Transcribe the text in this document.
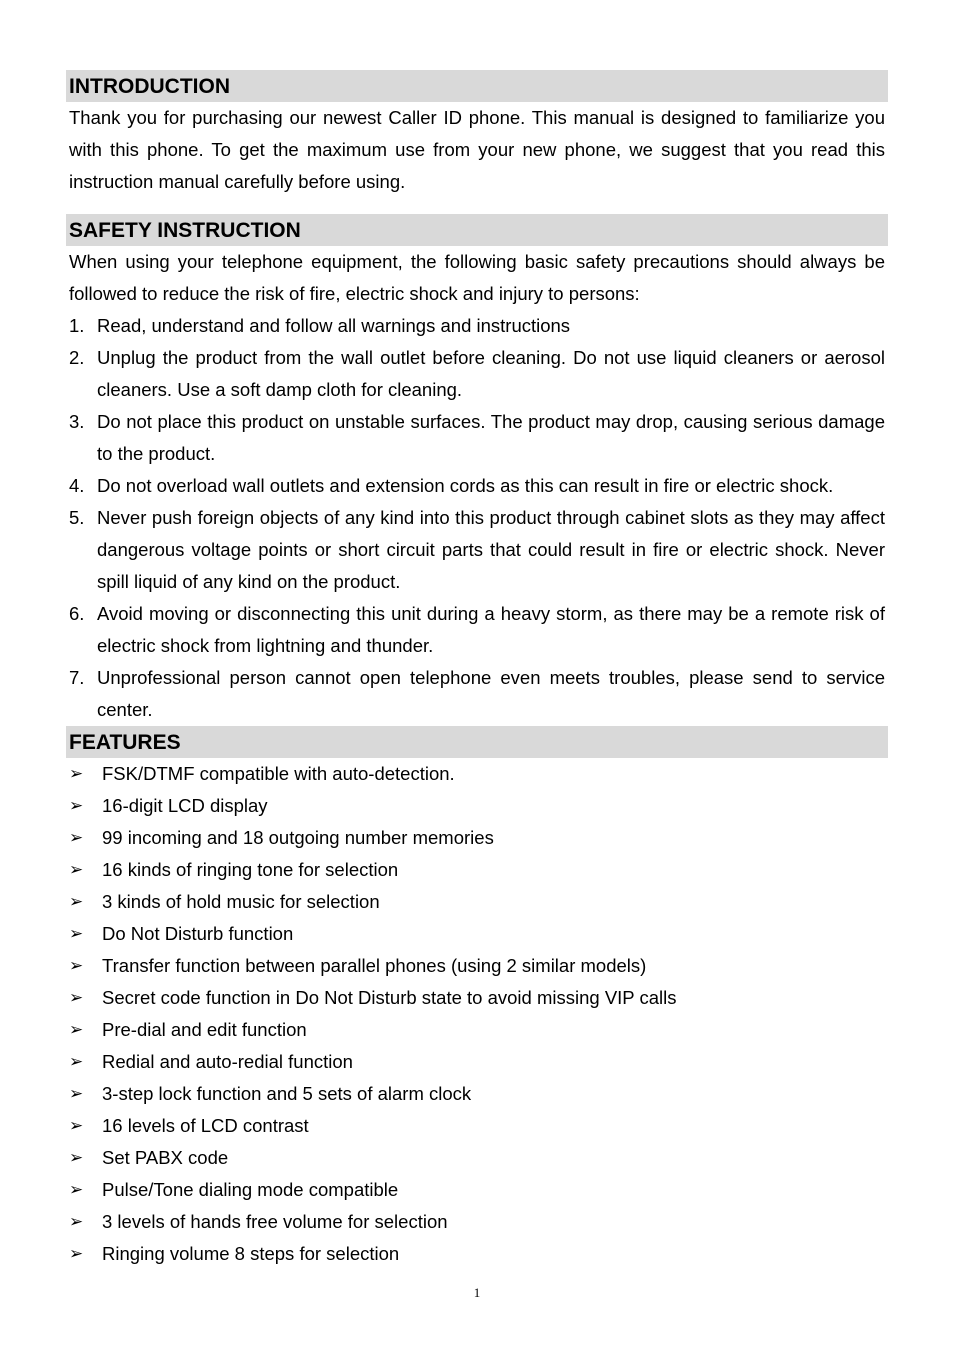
INTRODUCTION

Thank you for purchasing our newest Caller ID phone. This manual is designed to familiarize you with this phone. To get the maximum use from your new phone, we suggest that you read this instruction manual carefully before using.

SAFETY INSTRUCTION

When using your telephone equipment, the following basic safety precautions should always be followed to reduce the risk of fire, electric shock and injury to persons:

1. Read, understand and follow all warnings and instructions
2. Unplug the product from the wall outlet before cleaning. Do not use liquid cleaners or aerosol cleaners. Use a soft damp cloth for cleaning.
3. Do not place this product on unstable surfaces. The product may drop, causing serious damage to the product.
4. Do not overload wall outlets and extension cords as this can result in fire or electric shock.
5. Never push foreign objects of any kind into this product through cabinet slots as they may affect dangerous voltage points or short circuit parts that could result in fire or electric shock. Never spill liquid of any kind on the product.
6. Avoid moving or disconnecting this unit during a heavy storm, as there may be a remote risk of electric shock from lightning and thunder.
7. Unprofessional person cannot open telephone even meets troubles, please send to service center.
FEATURES
➢	FSK/DTMF compatible with auto-detection.
➢	16-digit LCD display
➢	99 incoming and 18 outgoing number memories
➢	16 kinds of ringing tone for selection
➢	3 kinds of hold music for selection
➢	Do Not Disturb function
➢	Transfer function between parallel phones (using 2 similar models)
➢	Secret code function in Do Not Disturb state to avoid missing VIP calls
➢	Pre-dial and edit function
➢	Redial and auto-redial function
➢	3-step lock function and 5 sets of alarm clock
➢	16 levels of LCD contrast
➢	Set PABX code
➢	Pulse/Tone dialing mode compatible
➢	3 levels of hands free volume for selection
➢	Ringing volume 8 steps for selection
1
